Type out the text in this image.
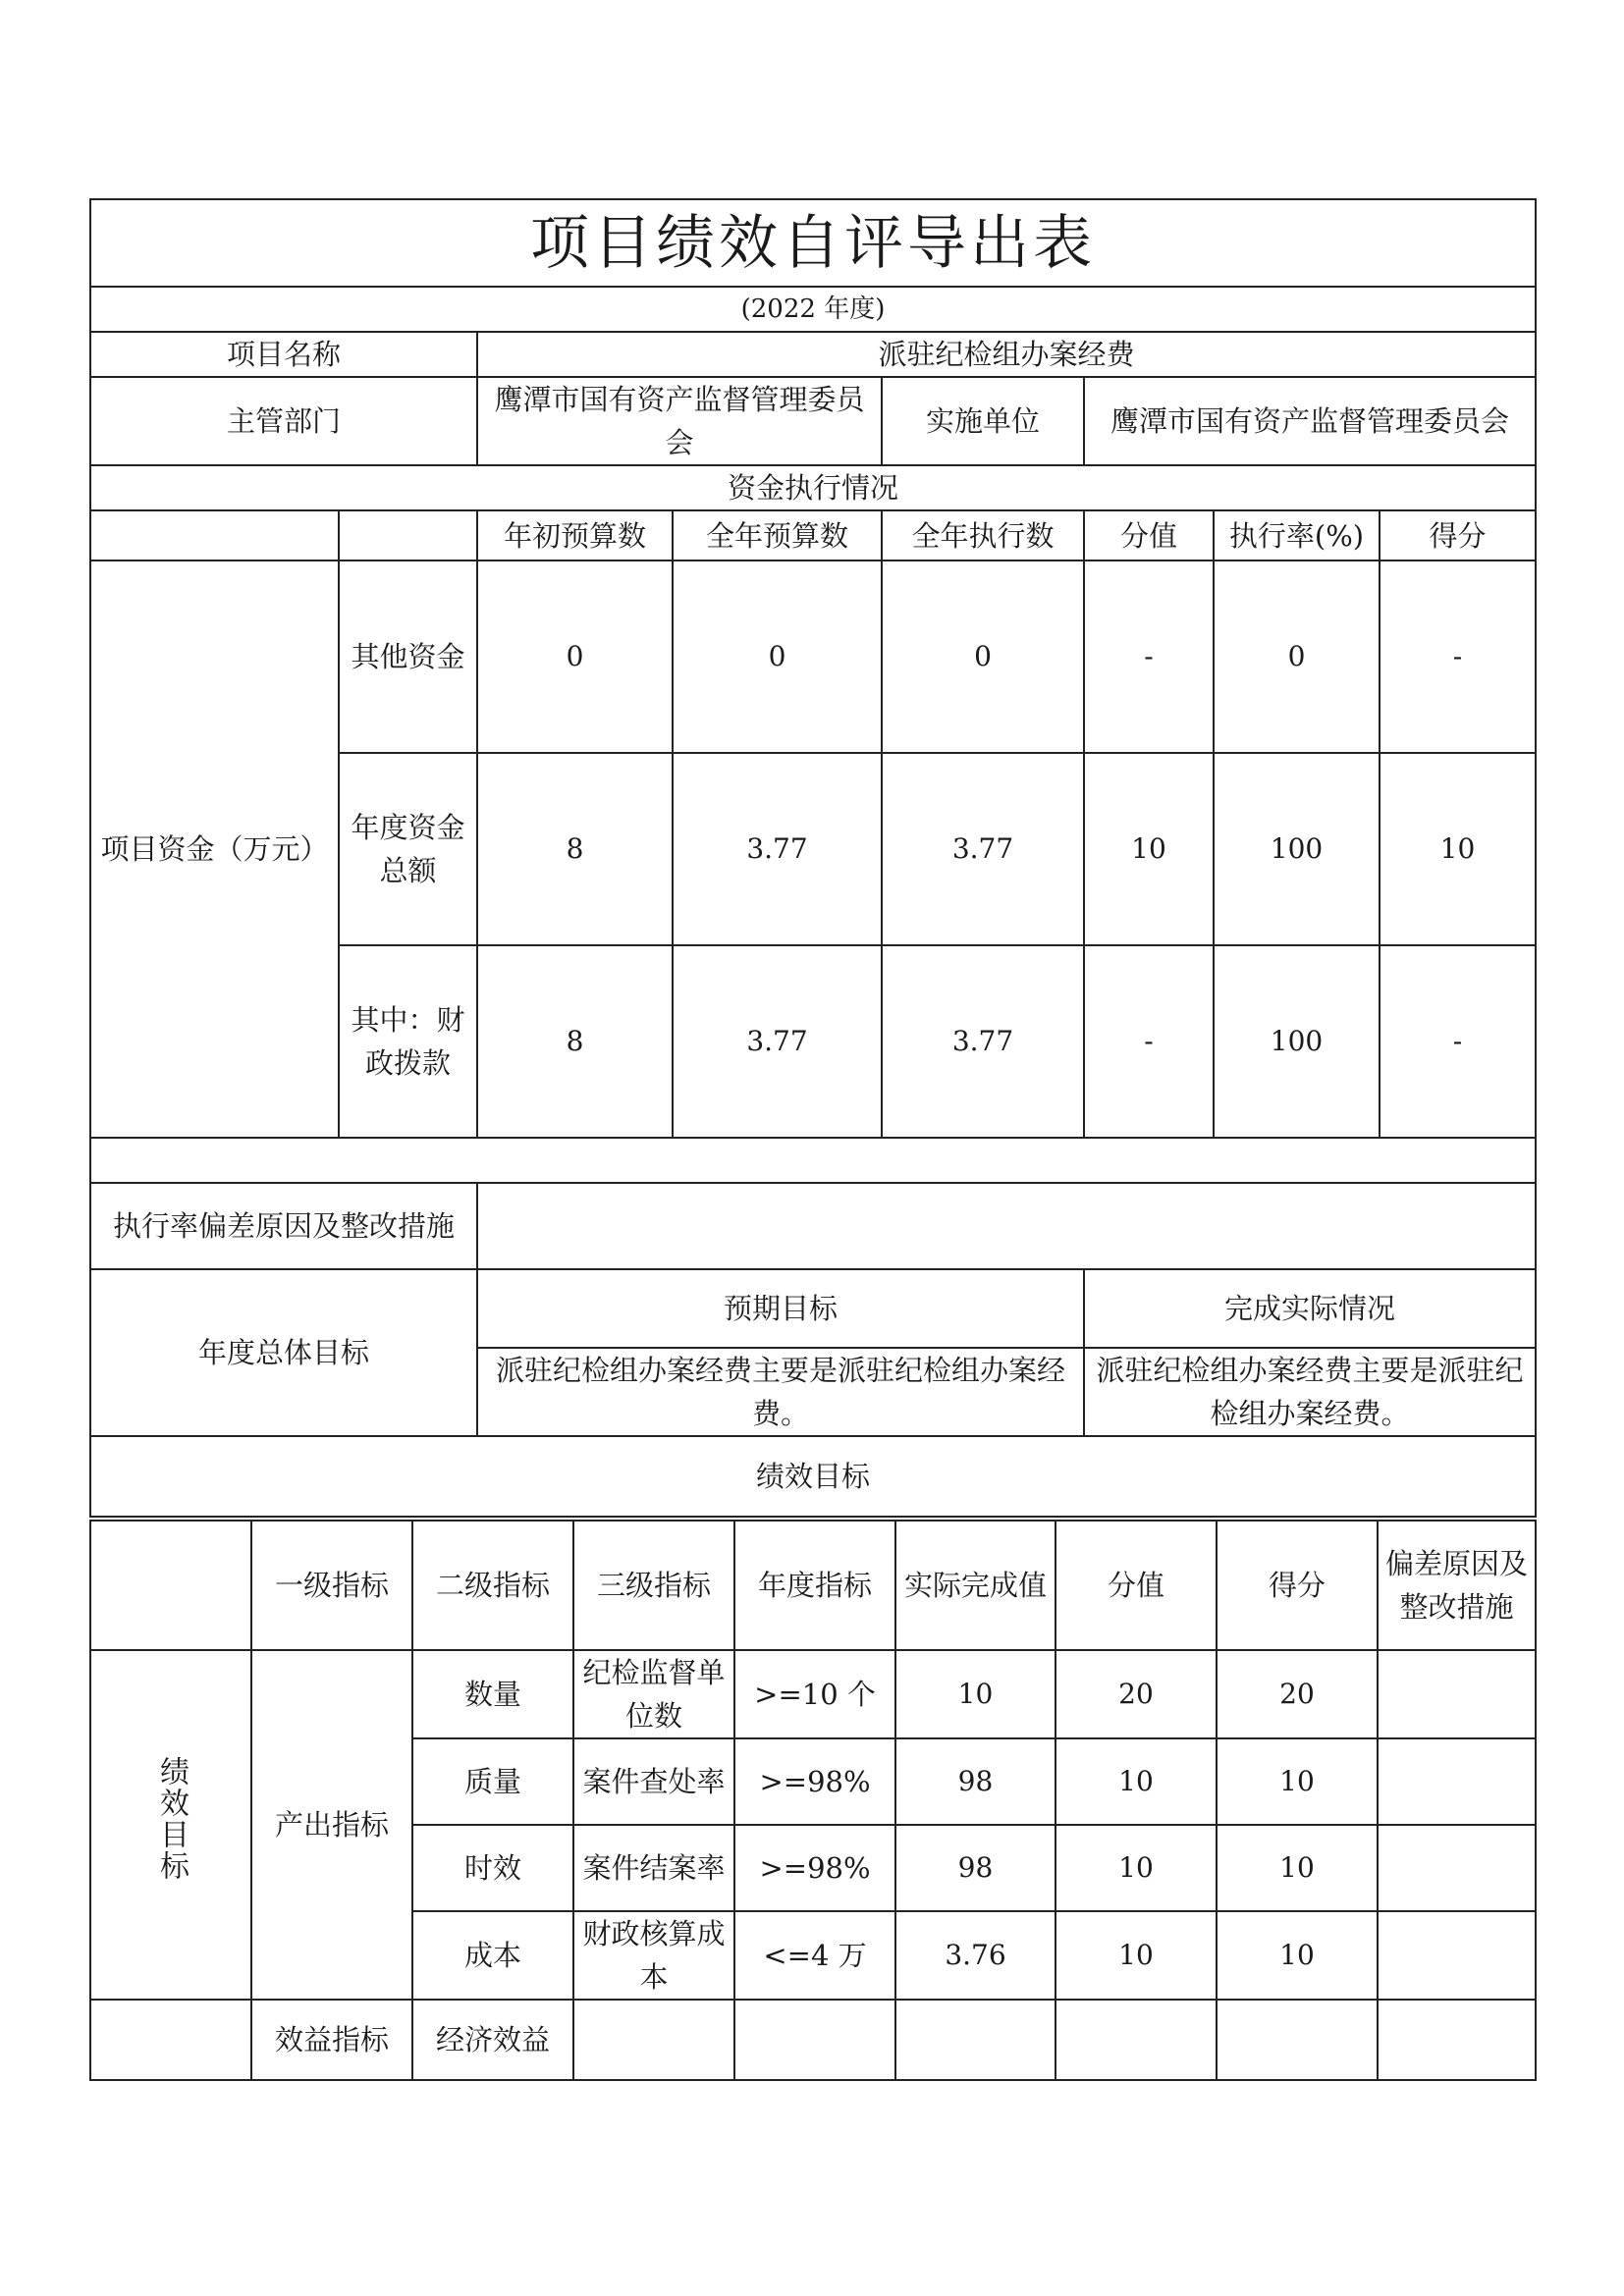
项目绩效自评导出表							
(2022 年度)							
项目名称		派驻纪检组办案经费					
主管部门		鹰潭市国有资产监督管理委员会		实施单位	鹰潭市国有资产监督管理委员会		
资金执行情况							
		年初预算数	全年预算数	全年执行数	分值	执行率(%)	得分
项目资金（万元）	其他资金	0	0	0	-	0	-
	年度资金总额	8	3.77	3.77	10	100	10
	其中：财政拨款	8	3.77	3.77	-	100	-

执行率偏差原因及整改措施							
年度总体目标		预期目标			完成实际情况		
		派驻纪检组办案经费主要是派驻纪检组办案经费。			派驻纪检组办案经费主要是派驻纪检组办案经费。		
绩效目标							
	一级指标	二级指标	三级指标	年度指标	实际完成值	分值	得分	偏差原因及整改措施
绩效目标	产出指标	数量	纪检监督单位数	>=10 个	10	20	20	
		质量	案件查处率	>=98%	98	10	10	
		时效	案件结案率	>=98%	98	10	10	
		成本	财政核算成本	<=4 万	3.76	10	10	
	效益指标	经济效益						
